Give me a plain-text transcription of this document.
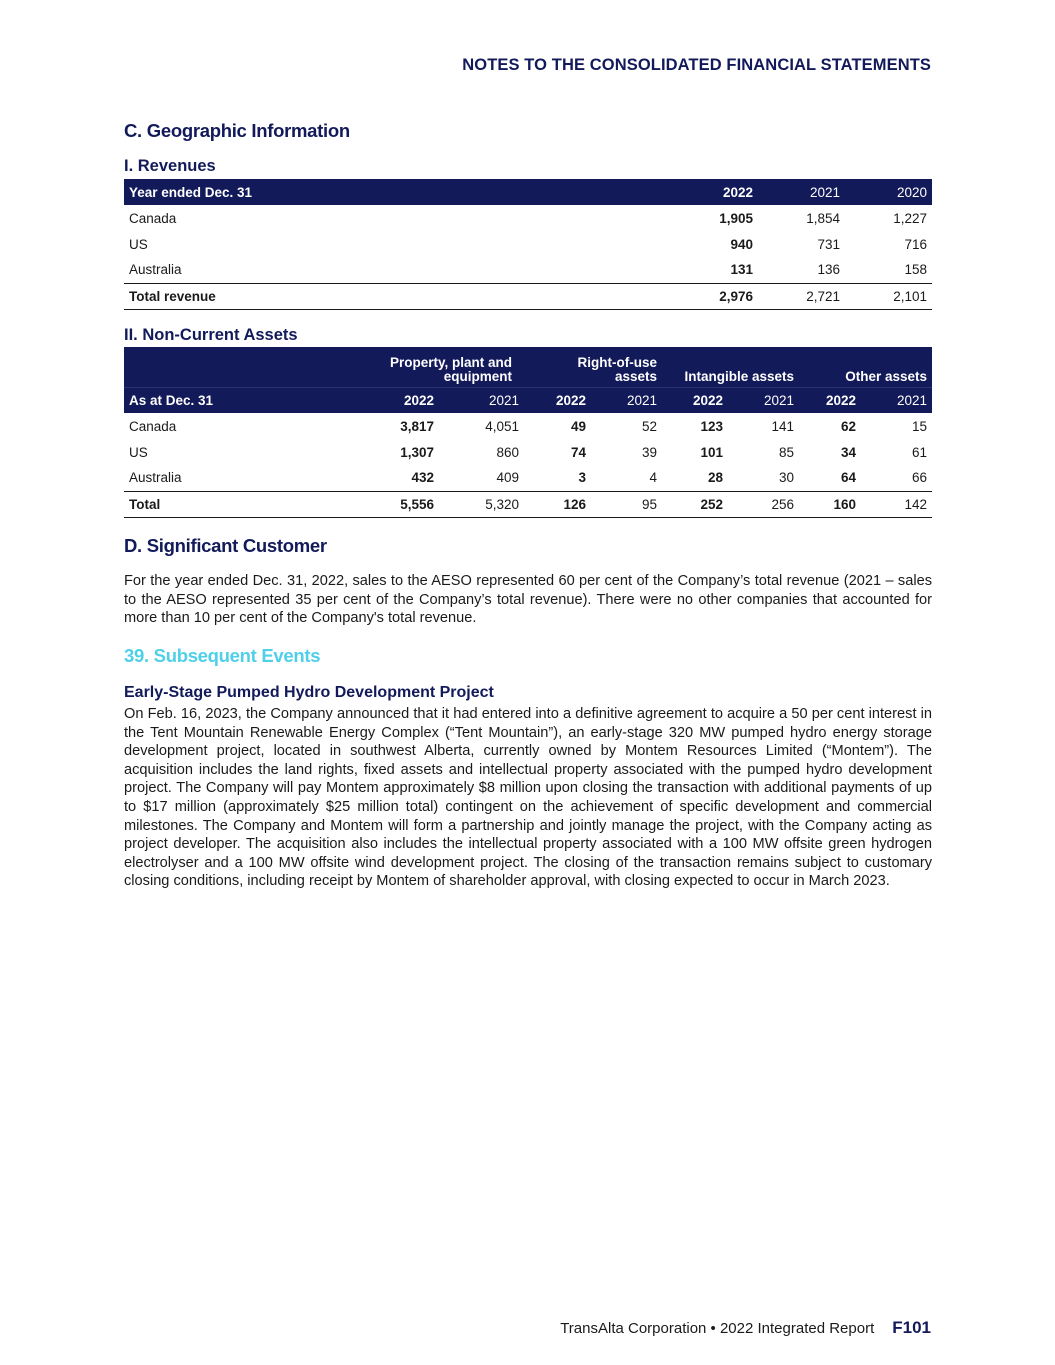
NOTES TO THE CONSOLIDATED FINANCIAL STATEMENTS
C. Geographic Information
I. Revenues
Year ended Dec. 31	2022	2021	2020
Canada	1,905	1,854	1,227
US	940	731	716
Australia	131	136	158
Total revenue	2,976	2,721	2,101
II. Non-Current Assets
	Property, plant and equipment		Right-of-use assets		Intangible assets		Other assets	
As at Dec. 31	2022	2021	2022	2021	2022	2021	2022	2021
Canada	3,817	4,051	49	52	123	141	62	15
US	1,307	860	74	39	101	85	34	61
Australia	432	409	3	4	28	30	64	66
Total	5,556	5,320	126	95	252	256	160	142
D. Significant Customer
For the year ended Dec. 31, 2022, sales to the AESO represented 60 per cent of the Company’s total revenue (2021 – sales to the AESO represented 35 per cent of the Company’s total revenue). There were no other companies that accounted for more than 10 per cent of the Company's total revenue.
39. Subsequent Events
Early-Stage Pumped Hydro Development Project
On Feb. 16, 2023, the Company announced that it had entered into a definitive agreement to acquire a 50 per cent interest in the Tent Mountain Renewable Energy Complex (“Tent Mountain”), an early-stage 320 MW pumped hydro energy storage development project, located in southwest Alberta, currently owned by Montem Resources Limited (“Montem”). The acquisition includes the land rights, fixed assets and intellectual property associated with the pumped hydro development project. The Company will pay Montem approximately $8 million upon closing the transaction with additional payments of up to $17 million (approximately $25 million total) contingent on the achievement of specific development and commercial milestones. The Company and Montem will form a partnership and jointly manage the project, with the Company acting as project developer. The acquisition also includes the intellectual property associated with a 100 MW offsite green hydrogen electrolyser and a 100 MW offsite wind development project. The closing of the transaction remains subject to customary closing conditions, including receipt by Montem of shareholder approval, with closing expected to occur in March 2023.
TransAlta Corporation • 2022 Integrated Report F101
